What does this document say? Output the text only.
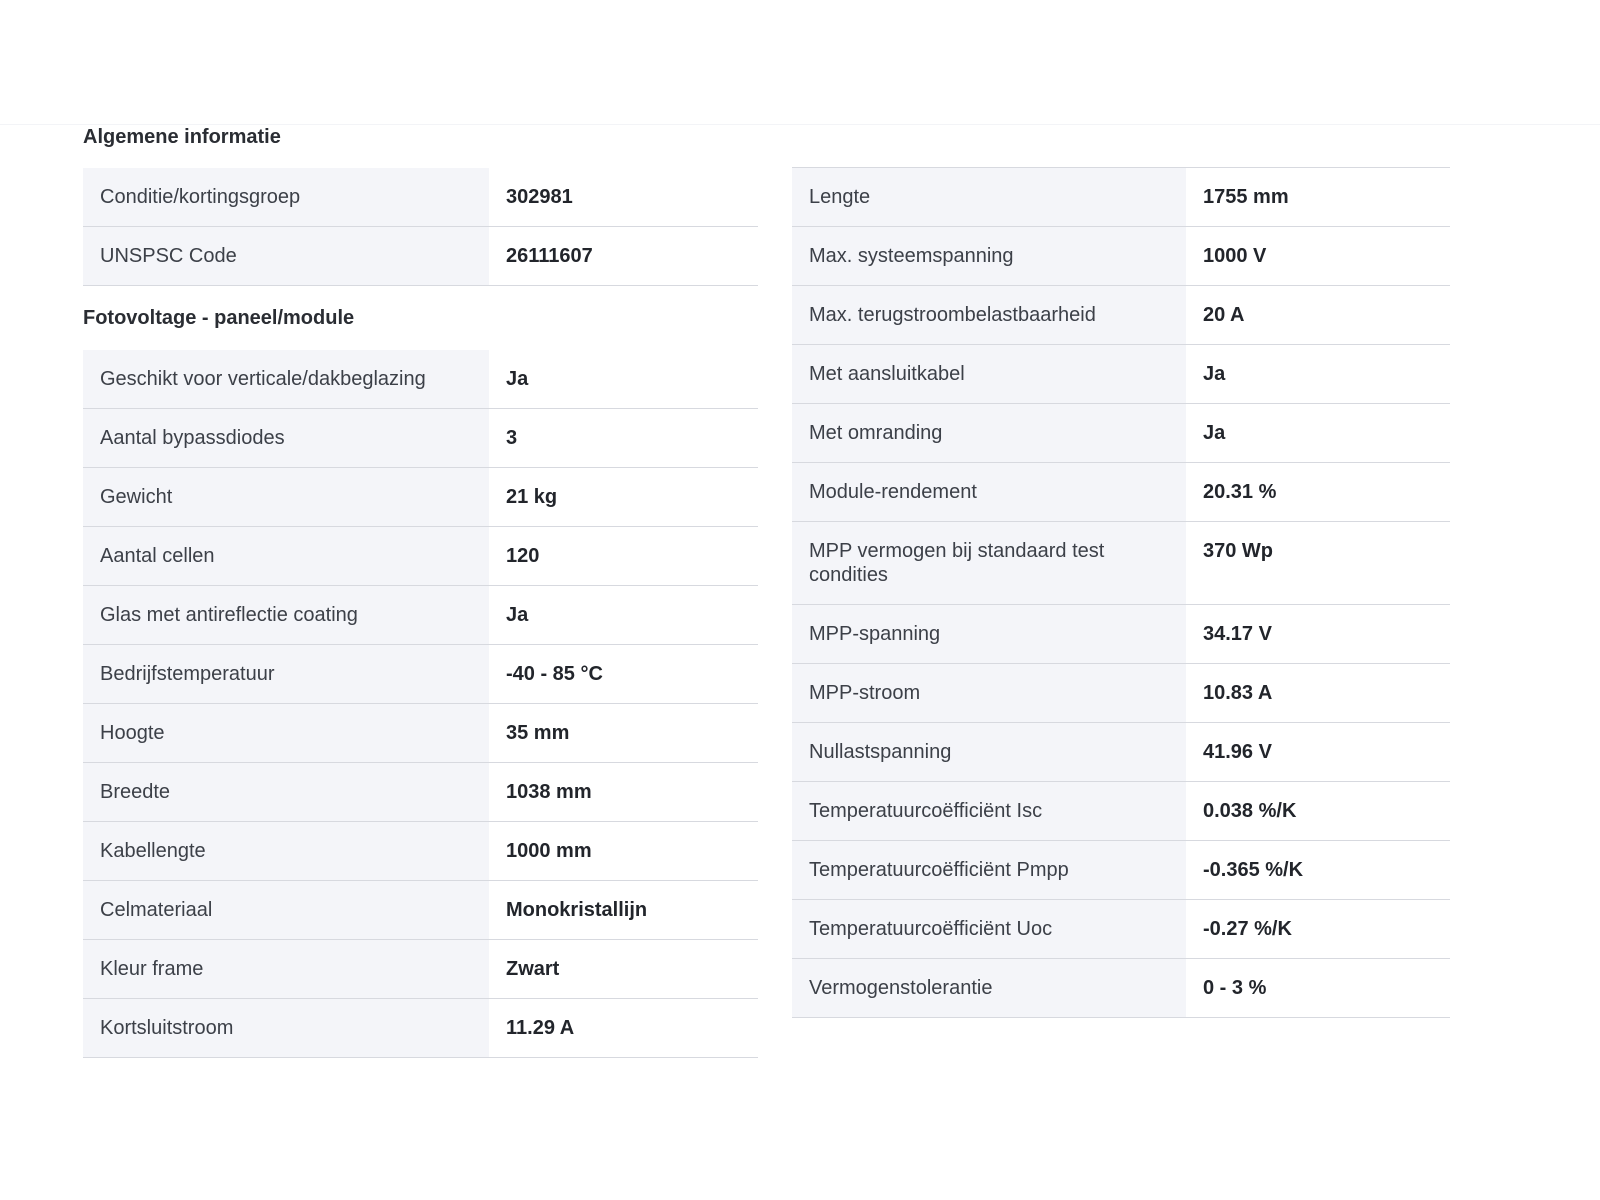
Algemene informatie
Conditie/kortingsgroep	302981
UNSPSC Code	26111607
Fotovoltage - paneel/module
Geschikt voor verticale/dakbeglazing	Ja
Aantal bypassdiodes	3
Gewicht	21 kg
Aantal cellen	120
Glas met antireflectie coating	Ja
Bedrijfstemperatuur	-40 - 85 °C
Hoogte	35 mm
Breedte	1038 mm
Kabellengte	1000 mm
Celmateriaal	Monokristallijn
Kleur frame	Zwart
Kortsluitstroom	11.29 A
Lengte	1755 mm
Max. systeemspanning	1000 V
Max. terugstroombelastbaarheid	20 A
Met aansluitkabel	Ja
Met omranding	Ja
Module-rendement	20.31 %
MPP vermogen bij standaard test condities	370 Wp
MPP-spanning	34.17 V
MPP-stroom	10.83 A
Nullastspanning	41.96 V
Temperatuurcoëfficiënt Isc	0.038 %/K
Temperatuurcoëfficiënt Pmpp	-0.365 %/K
Temperatuurcoëfficiënt Uoc	-0.27 %/K
Vermogenstolerantie	0 - 3 %
